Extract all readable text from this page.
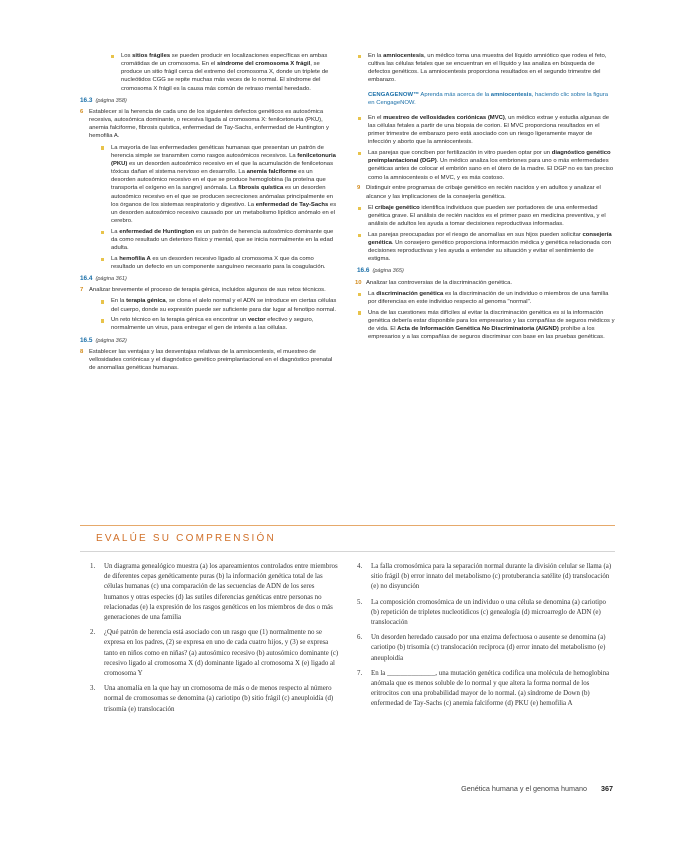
Los sitios frágiles se pueden producir en localizaciones específicas en ambas cromátidas de un cromosoma. En el síndrome del cromosoma X frágil, se produce un sitio frágil cerca del extremo del cromosoma X, donde un triplete de nucleótidos CGG se repite muchas más veces de lo normal. El síndrome del cromosoma X frágil es la causa más común de retraso mental heredado.
16.3 (página 358)
6 Establecer si la herencia de cada uno de los siguientes defectos genéticos es autosómica recesiva, autosómica dominante, o recesiva ligada al cromosoma X: fenilcetonuria (PKU), anemia falciforme, fibrosis quística, enfermedad de Tay-Sachs, enfermedad de Huntington y hemofilia A.
La mayoría de las enfermedades genéticas humanas que presentan un patrón de herencia simple se transmiten como rasgos autosómicos recesivos. La fenilcetonuria (PKU) es un desorden autosómico recesivo en el que la acumulación de fenilcetonas tóxicas dañan el sistema nervioso en desarrollo. La anemia falciforme es un desorden autosómico recesivo en el que se produce hemoglobina (la proteína que transporta el oxígeno en la sangre) anómala. La fibrosis quística es un desorden autosómico recesivo en el que se producen secreciones anómalas principalmente en los órganos de los sistemas respiratorio y digestivo. La enfermedad de Tay-Sachs es un desorden autosómico recesivo causado por un metabolismo lipídico anómalo en el cerebro.
La enfermedad de Huntington es un patrón de herencia autosómico dominante que da como resultado un deterioro físico y mental, que se inicia normalmente en la edad adulta.
La hemofilia A es un desorden recesivo ligado al cromosoma X que da como resultado un defecto en un componente sanguíneo necesario para la coagulación.
16.4 (página 361)
7 Analizar brevemente el proceso de terapia génica, incluidos algunos de sus retos técnicos.
En la terapia génica, se clona el alelo normal y el ADN se introduce en ciertas células del cuerpo, donde su expresión puede ser suficiente para dar lugar al fenotipo normal.
Un reto técnico en la terapia génica es encontrar un vector efectivo y seguro, normalmente un virus, para entregar el gen de interés a las células.
16.5 (página 362)
8 Establecer las ventajas y las desventajas relativas de la amniocentesis, el muestreo de vellosidades coriónicas y el diagnóstico genético preimplantacional en el diagnóstico prenatal de anomalías genéticas humanas.
En la amniocentesis, un médico toma una muestra del líquido amniótico que rodea el feto, cultiva las células fetales que se encuentran en el líquido y las analiza en búsqueda de defectos genéticos. La amniocentesis proporciona resultados en el segundo trimestre del embarazo.
CENGAGENOW™ Aprenda más acerca de la amniocentesis, haciendo clic sobre la figura en CengageNOW.
En el muestreo de vellosidades coriónicas (MVC), un médico extrae y estudia algunas de las células fetales a partir de una biopsia de corion. El MVC proporciona resultados en el primer trimestre de embarazo pero está asociado con un riesgo ligeramente mayor de infección y aborto que la amniocentesis.
Las parejas que conciben por fertilización in vitro pueden optar por un diagnóstico genético preimplantacional (DGP). Un médico analiza los embriones para uno o más enfermedades genéticas antes de colocar el embrión sano en el útero de la madre. El DGP no es tan preciso como la amniocentesis o el MVC, y es más costoso.
9 Distinguir entre programas de cribaje genético en recién nacidos y en adultos y analizar el alcance y las implicaciones de la consejería genética.
El cribaje genético identifica individuos que pueden ser portadores de una enfermedad genética grave. El análisis de recién nacidos es el primer paso en medicina preventiva, y el análisis de adultos les ayuda a tomar decisiones reproductivas informadas.
Las parejas preocupadas por el riesgo de anomalías en sus hijos pueden solicitar consejería genética. Un consejero genético proporciona información médica y genética relacionada con decisiones reproductivas y les ayuda a entender su situación y evitar el sentimiento de estigma.
16.6 (página 365)
10 Analizar las controversias de la discriminación genética.
La discriminación genética es la discriminación de un individuo o miembros de una familia por diferencias en este individuo respecto al genoma "normal".
Una de las cuestiones más difíciles al evitar la discriminación genética es si la información genética debería estar disponible para los empresarios y las compañías de seguros médicos y de vida. El Acta de Información Genética No Discriminatoria (AIGND) prohíbe a los empresarios y a las compañías de seguros discriminar con base en las pruebas genéticas.
EVALÚE SU COMPRENSIÓN
1. Un diagrama genealógico muestra (a) los apareamientos controlados entre miembros de diferentes cepas genéticamente puras (b) la información genética total de las células humanas (c) una comparación de las secuencias de ADN de los seres humanos y otras especies (d) las sutiles diferencias genéticas entre personas no relacionadas (e) la expresión de los rasgos genéticos en los miembros de dos o más generaciones de una familia
2. ¿Qué patrón de herencia está asociado con un rasgo que (1) normalmente no se expresa en los padres, (2) se expresa en uno de cada cuatro hijos, y (3) se expresa tanto en niños como en niñas? (a) autosómico recesivo (b) autosómico dominante (c) recesivo ligado al cromosoma X (d) dominante ligado al cromosoma X (e) ligado al cromosoma Y
3. Una anomalía en la que hay un cromosoma de más o de menos respecto al número normal de cromosomas se denomina (a) cariotipo (b) sitio frágil (c) aneuploidía (d) trisomía (e) translocación
4. La falla cromosómica para la separación normal durante la división celular se llama (a) sitio frágil (b) error innato del metabolismo (c) protuberancia satélite (d) translocación (e) no disyunción
5. La composición cromosómica de un individuo o una célula se denomina (a) cariotipo (b) repetición de tripletes nucleotídicos (c) genealogía (d) microarreglo de ADN (e) translocación
6. Un desorden heredado causado por una enzima defectuosa o ausente se denomina (a) cariotipo (b) trisomía (c) translocación recíproca (d) error innato del metabolismo (e) aneuploidía
7. En la ______________, una mutación genética codifica una molécula de hemoglobina anómala que es menos soluble de lo normal y que altera la forma normal de los eritrocitos con una probabilidad mayor de lo normal. (a) síndrome de Down (b) enfermedad de Tay-Sachs (c) anemia falciforme (d) PKU (e) hemofilia A
Genética humana y el genoma humano 367
